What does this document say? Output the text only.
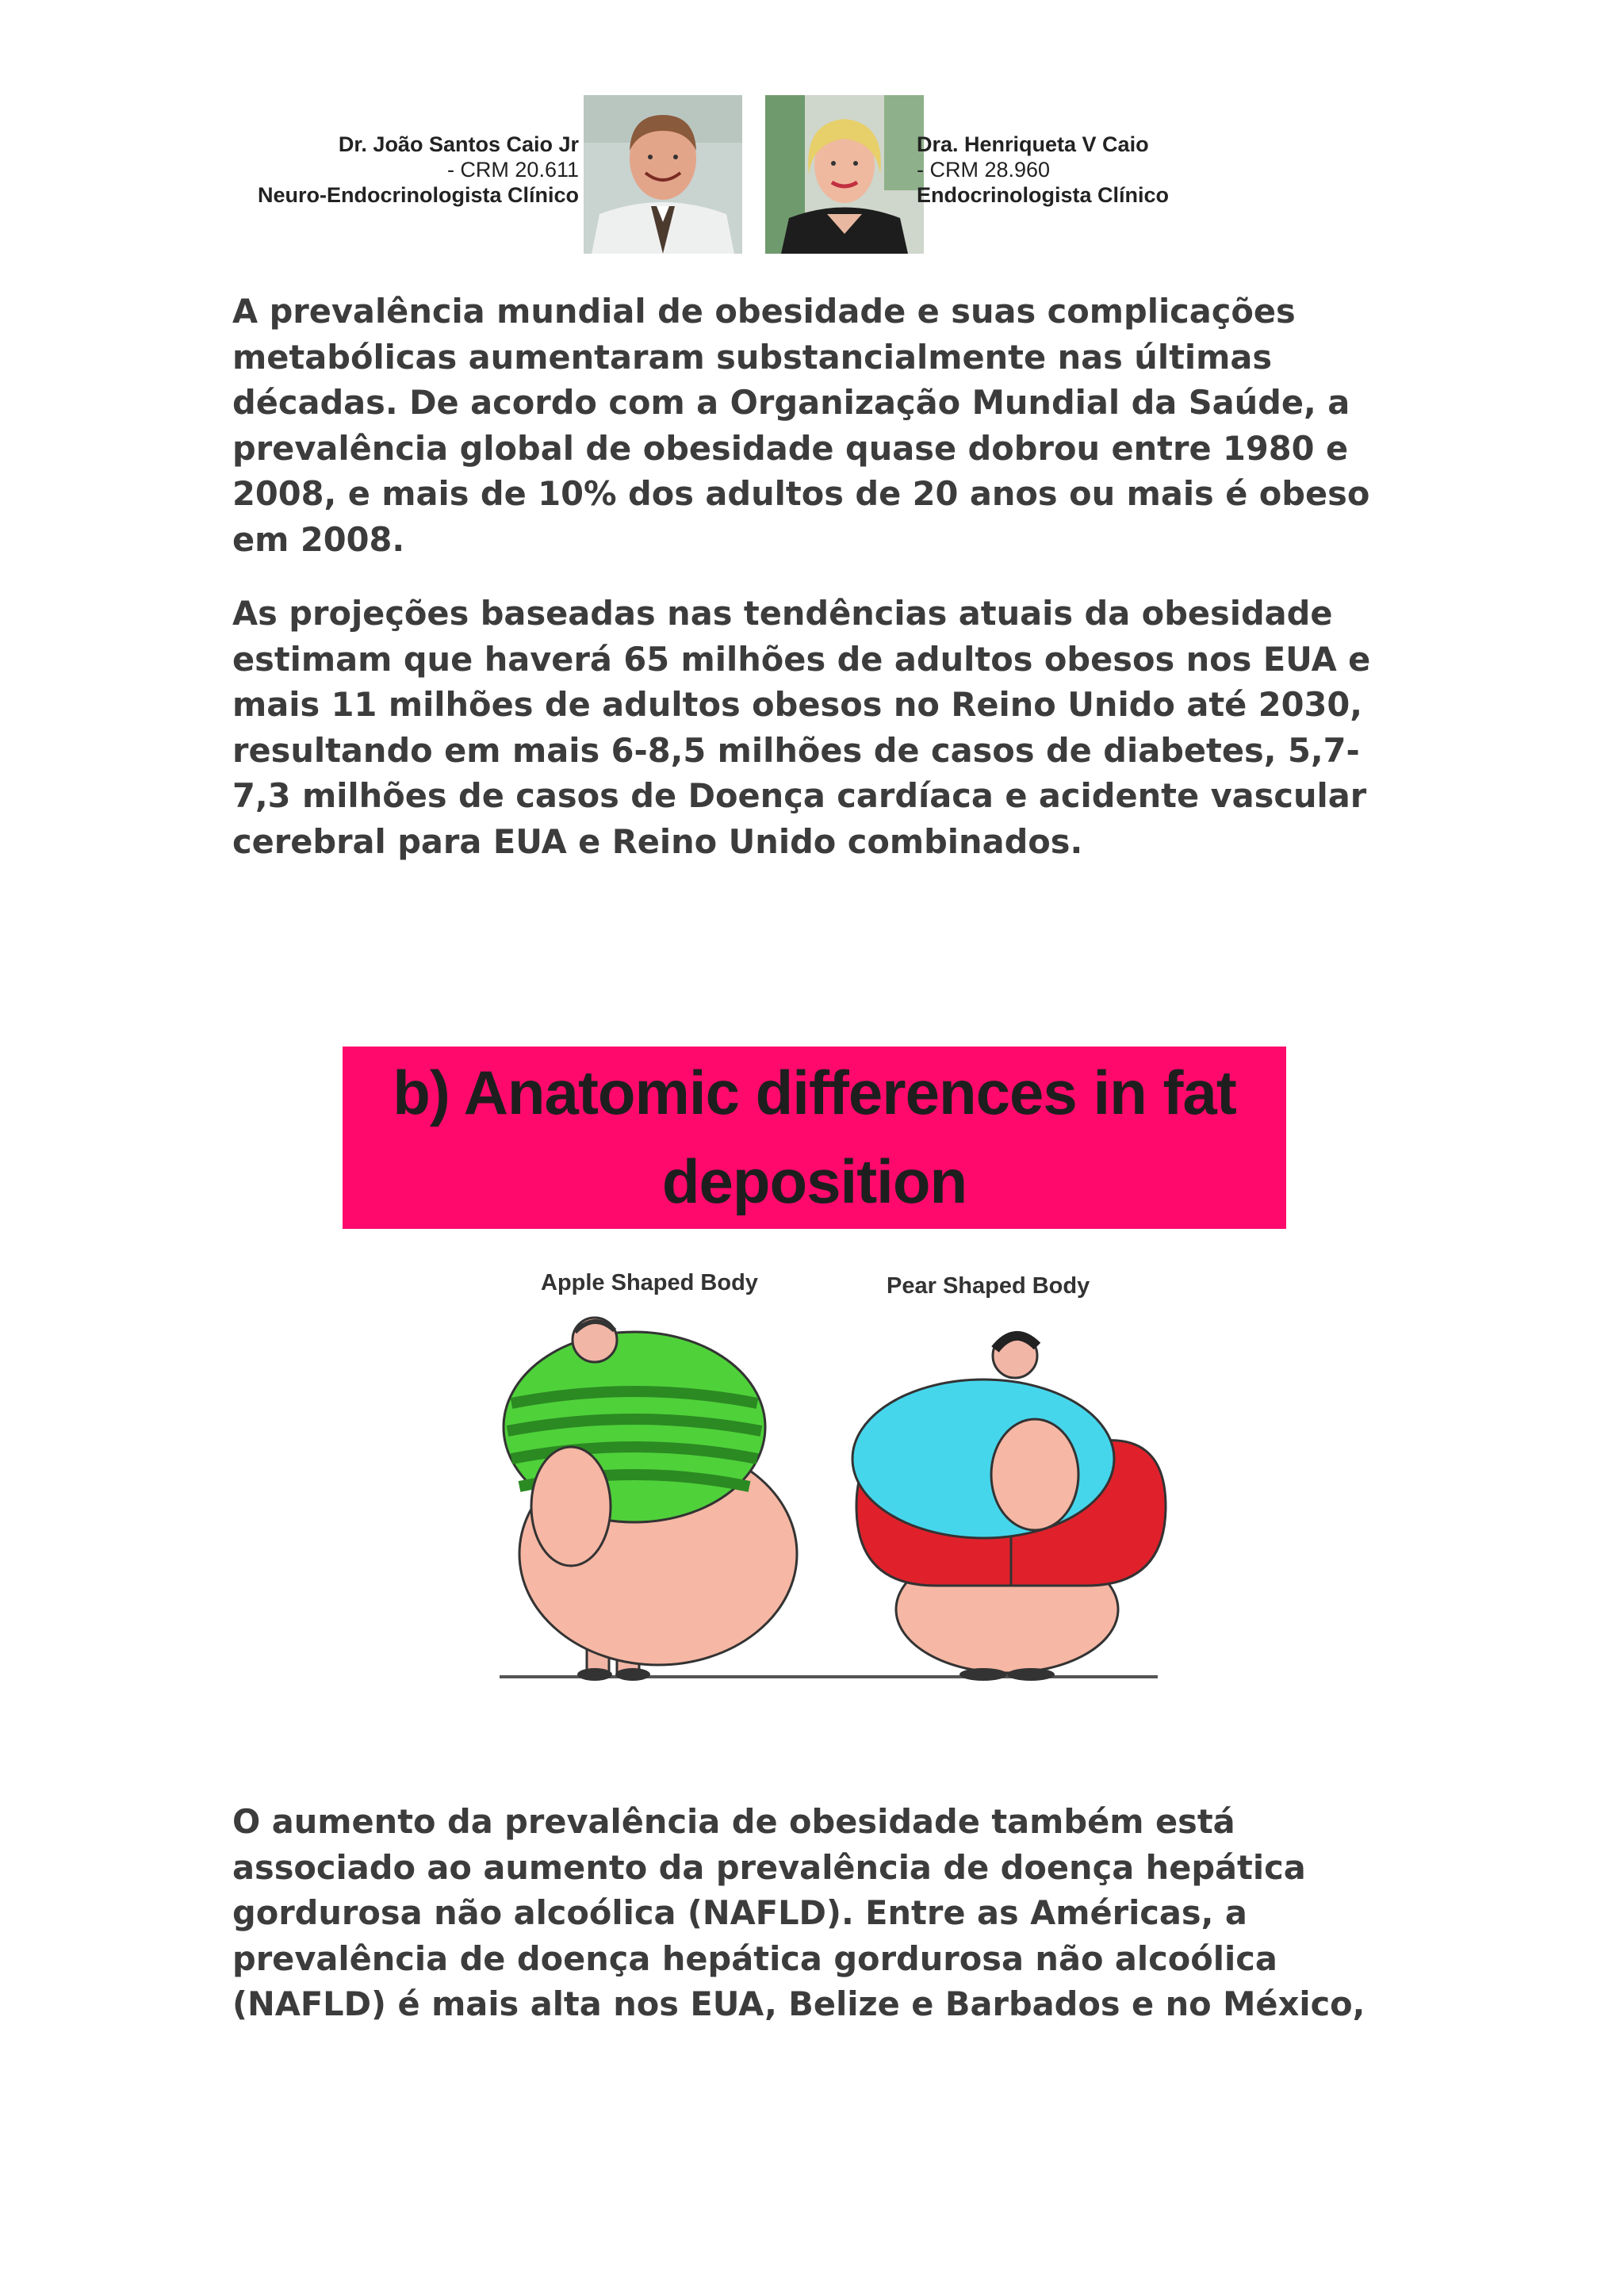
Dr. João Santos Caio Jr
- CRM 20.611
Neuro-Endocrinologista Clínico
Dra. Henriqueta V Caio
- CRM 28.960
Endocrinologista Clínico

A prevalência mundial de obesidade e suas complicações metabólicas aumentaram substancialmente nas últimas décadas. De acordo com a Organização Mundial da Saúde, a prevalência global de obesidade quase dobrou entre 1980 e 2008, e mais de 10% dos adultos de 20 anos ou mais é obeso em 2008.

As projeções baseadas nas tendências atuais da obesidade estimam que haverá 65 milhões de adultos obesos nos EUA e mais 11 milhões de adultos obesos no Reino Unido até 2030, resultando em mais 6-8,5 milhões de casos de diabetes, 5,7-7,3 milhões de casos de Doença cardíaca e acidente vascular cerebral para EUA e Reino Unido combinados.

b) Anatomic differences in fat
deposition
Apple Shaped Body	Pear Shaped Body

O aumento da prevalência de obesidade também está associado ao aumento da prevalência de doença hepática gordurosa não alcoólica (NAFLD). Entre as Américas, a prevalência de doença hepática gordurosa não alcoólica (NAFLD) é mais alta nos EUA, Belize e Barbados e no México,
